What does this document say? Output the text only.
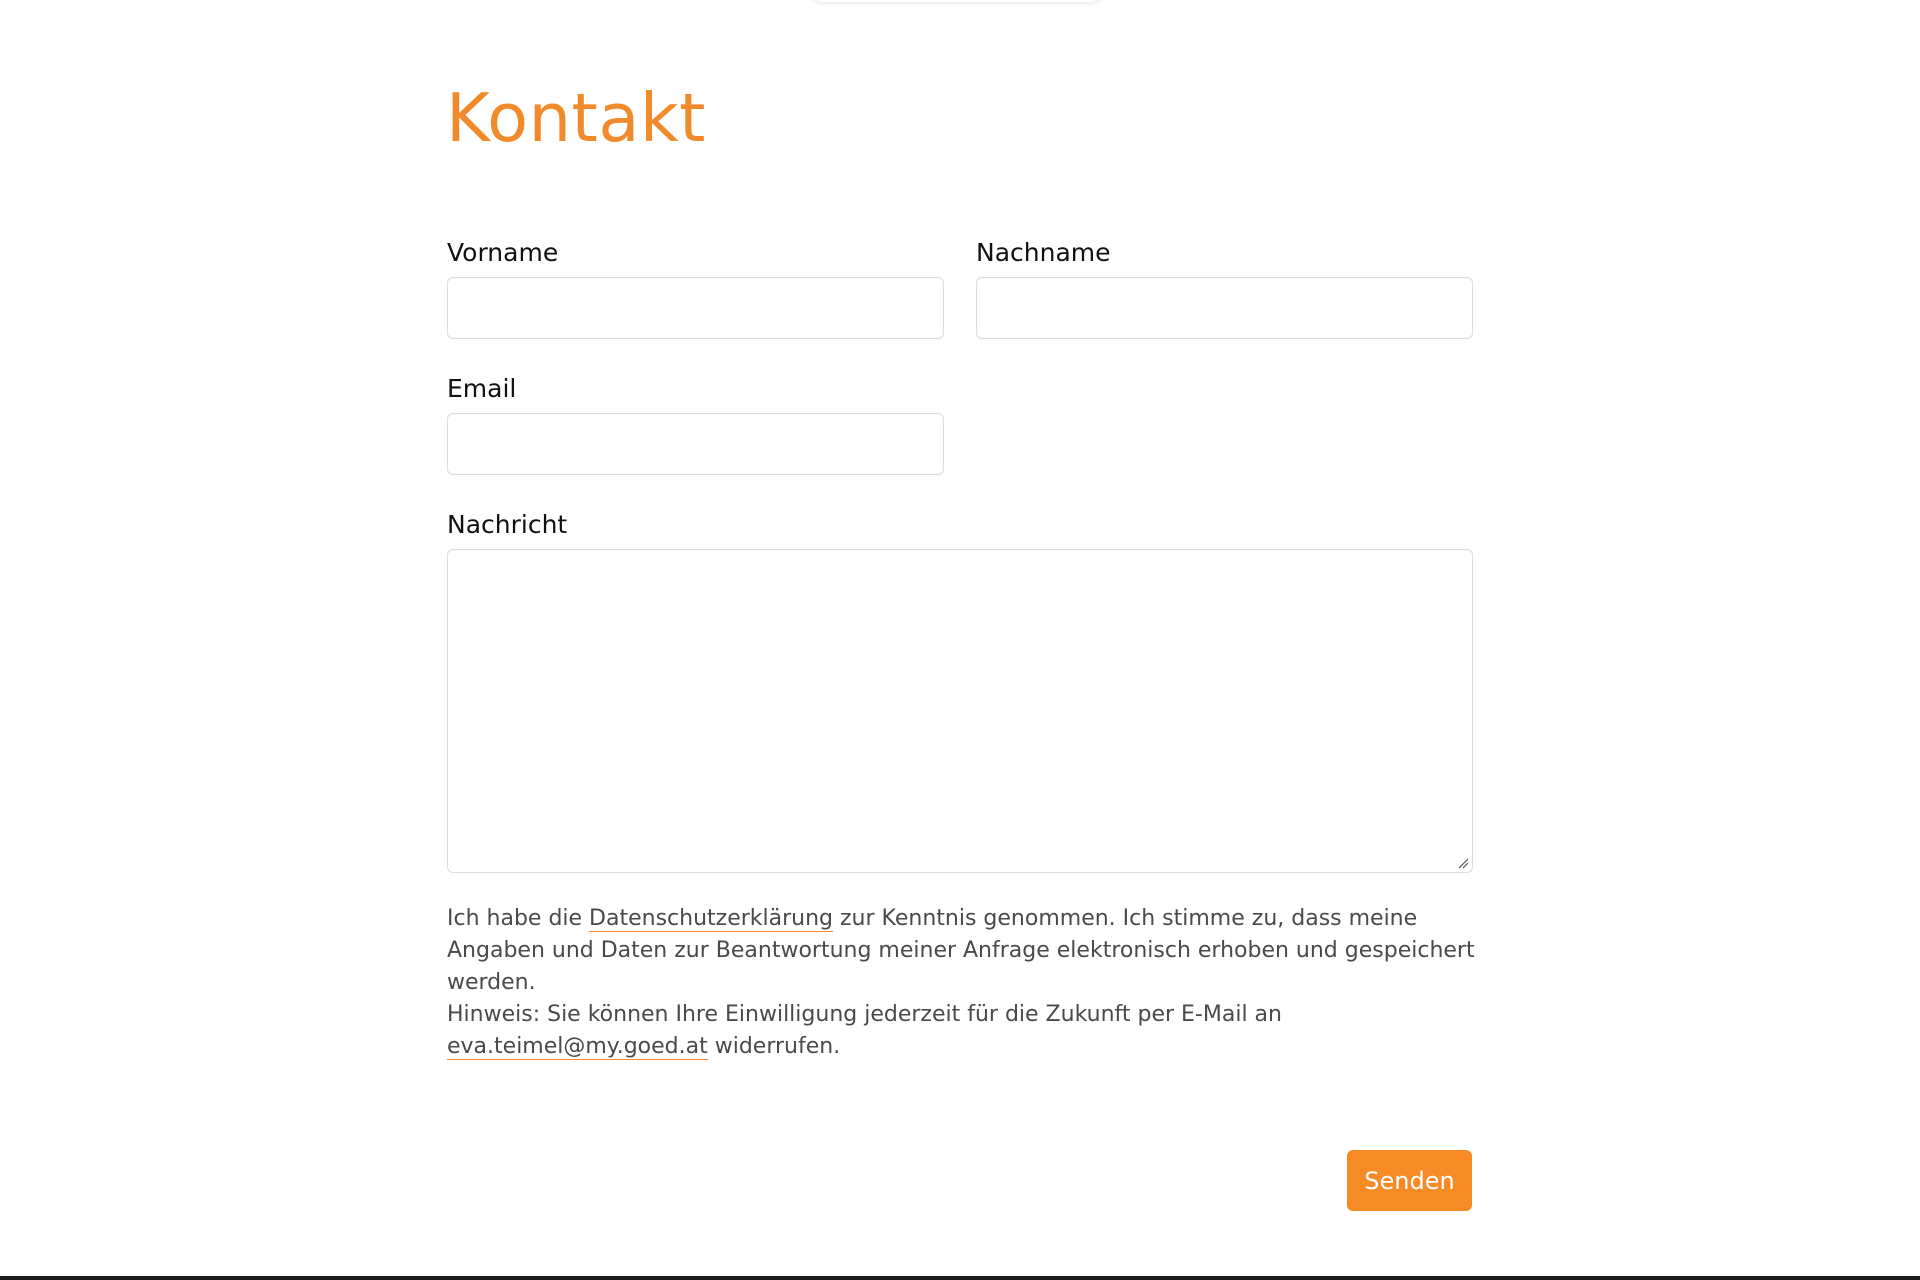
Kontakt
Vorname	Nachname
Email
Nachricht

Ich habe die Datenschutzerklärung zur Kenntnis genommen. Ich stimme zu, dass meine Angaben und Daten zur Beantwortung meiner Anfrage elektronisch erhoben und gespeichert werden.
Hinweis: Sie können Ihre Einwilligung jederzeit für die Zukunft per E-Mail an
eva.teimel@my.goed.at widerrufen.

Senden
